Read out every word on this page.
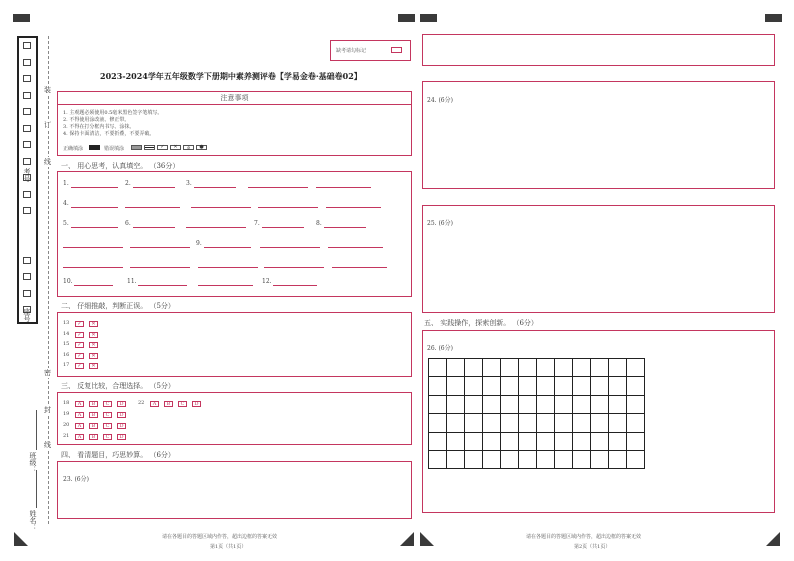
考号
座号
装
订
线
密
封
线
班级：
姓名：
缺考请勾标记
2023-2024学年五年级数学下册期中素养测评卷【学易金卷·基础卷02】
注意事项
1. 主观题必须使用0.5毫米黑色签字笔填写。
2. 不得使用涂改液、修正带。
3. 不得在打分框内书写、涂抹。
4. 保持卡面清洁，不要折叠，不要弄破。
正确填涂	错误填涂	✓	✕	⊘	●
一、 用心思考，认真填空。 （36分）
1.	2.	3.
4.
5.	6.	7.	8.
9.
10.	11.	12.
二、 仔细推敲，判断正误。 （5分）
13	✓	✕
14	✓	✕
15	✓	✕
16	✓	✕
17	✓	✕
三、 反复比较，合理选择。 （5分）
18	A	B	C	D	22	A	B	C	D
19	A	B	C	D
20	A	B	C	D
21	A	B	C	D
四、 看清题目，巧思妙算。 （6分）
23. (6分)
请在各题目的答题区域内作答，超出边框的答案无效
第1页（共1页）
24. (6分)
25. (6分)
五、 实践操作，探索创新。 （6分）
26. (6分)
请在各题目的答题区域内作答，超出边框的答案无效
第2页（共1页）
